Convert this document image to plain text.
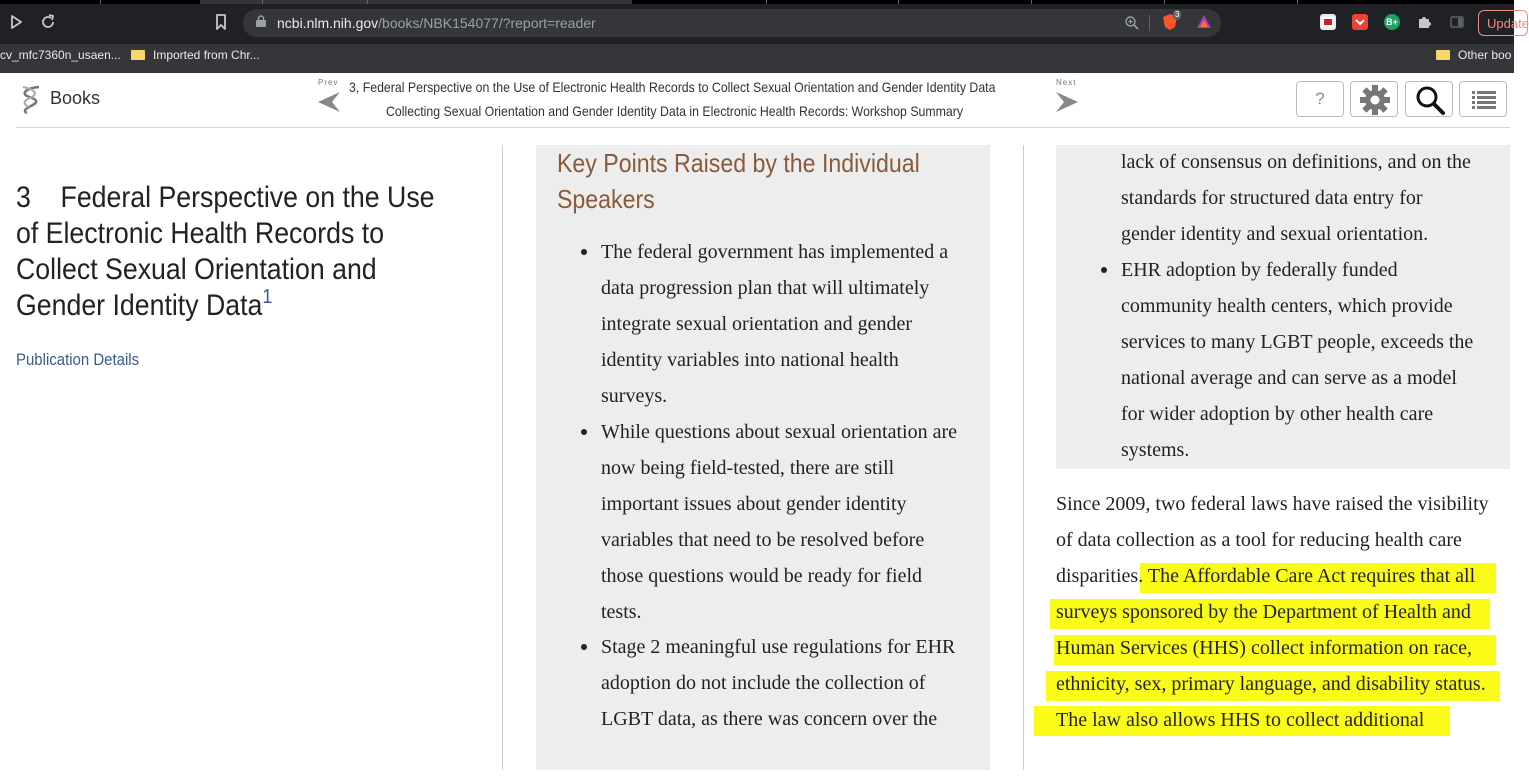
ncbi.nlm.nih.gov/books/NBK154077/?report=reader
3
B+	Update
cv_mfc7360n_usaen...	Imported from Chr...	Other boo
Books
Prev 3, Federal Perspective on the Use of Electronic Health Records to Collect Sexual Orientation and Gender Identity Data
Collecting Sexual Orientation and Gender Identity Data in Electronic Health Records: Workshop Summary
Next
?
3 Federal Perspective on the Use of Electronic Health Records to Collect Sexual Orientation and Gender Identity Data$^1$
Publication Details
Key Points Raised by the Individual Speakers
The federal government has implemented a
data progression plan that will ultimately
integrate sexual orientation and gender
identity variables into national health
surveys.
While questions about sexual orientation are
now being field-tested, there are still
important issues about gender identity
variables that need to be resolved before
those questions would be ready for field
tests.
Stage 2 meaningful use regulations for EHR
adoption do not include the collection of
LGBT data, as there was concern over the
lack of consensus on definitions, and on the
standards for structured data entry for
gender identity and sexual orientation.
EHR adoption by federally funded
community health centers, which provide
services to many LGBT people, exceeds the
national average and can serve as a model
for wider adoption by other health care
systems.
Since 2009, two federal laws have raised the visibility
of data collection as a tool for reducing health care
disparities. The Affordable Care Act requires that all
surveys sponsored by the Department of Health and
Human Services (HHS) collect information on race,
ethnicity, sex, primary language, and disability status.
The law also allows HHS to collect additional
